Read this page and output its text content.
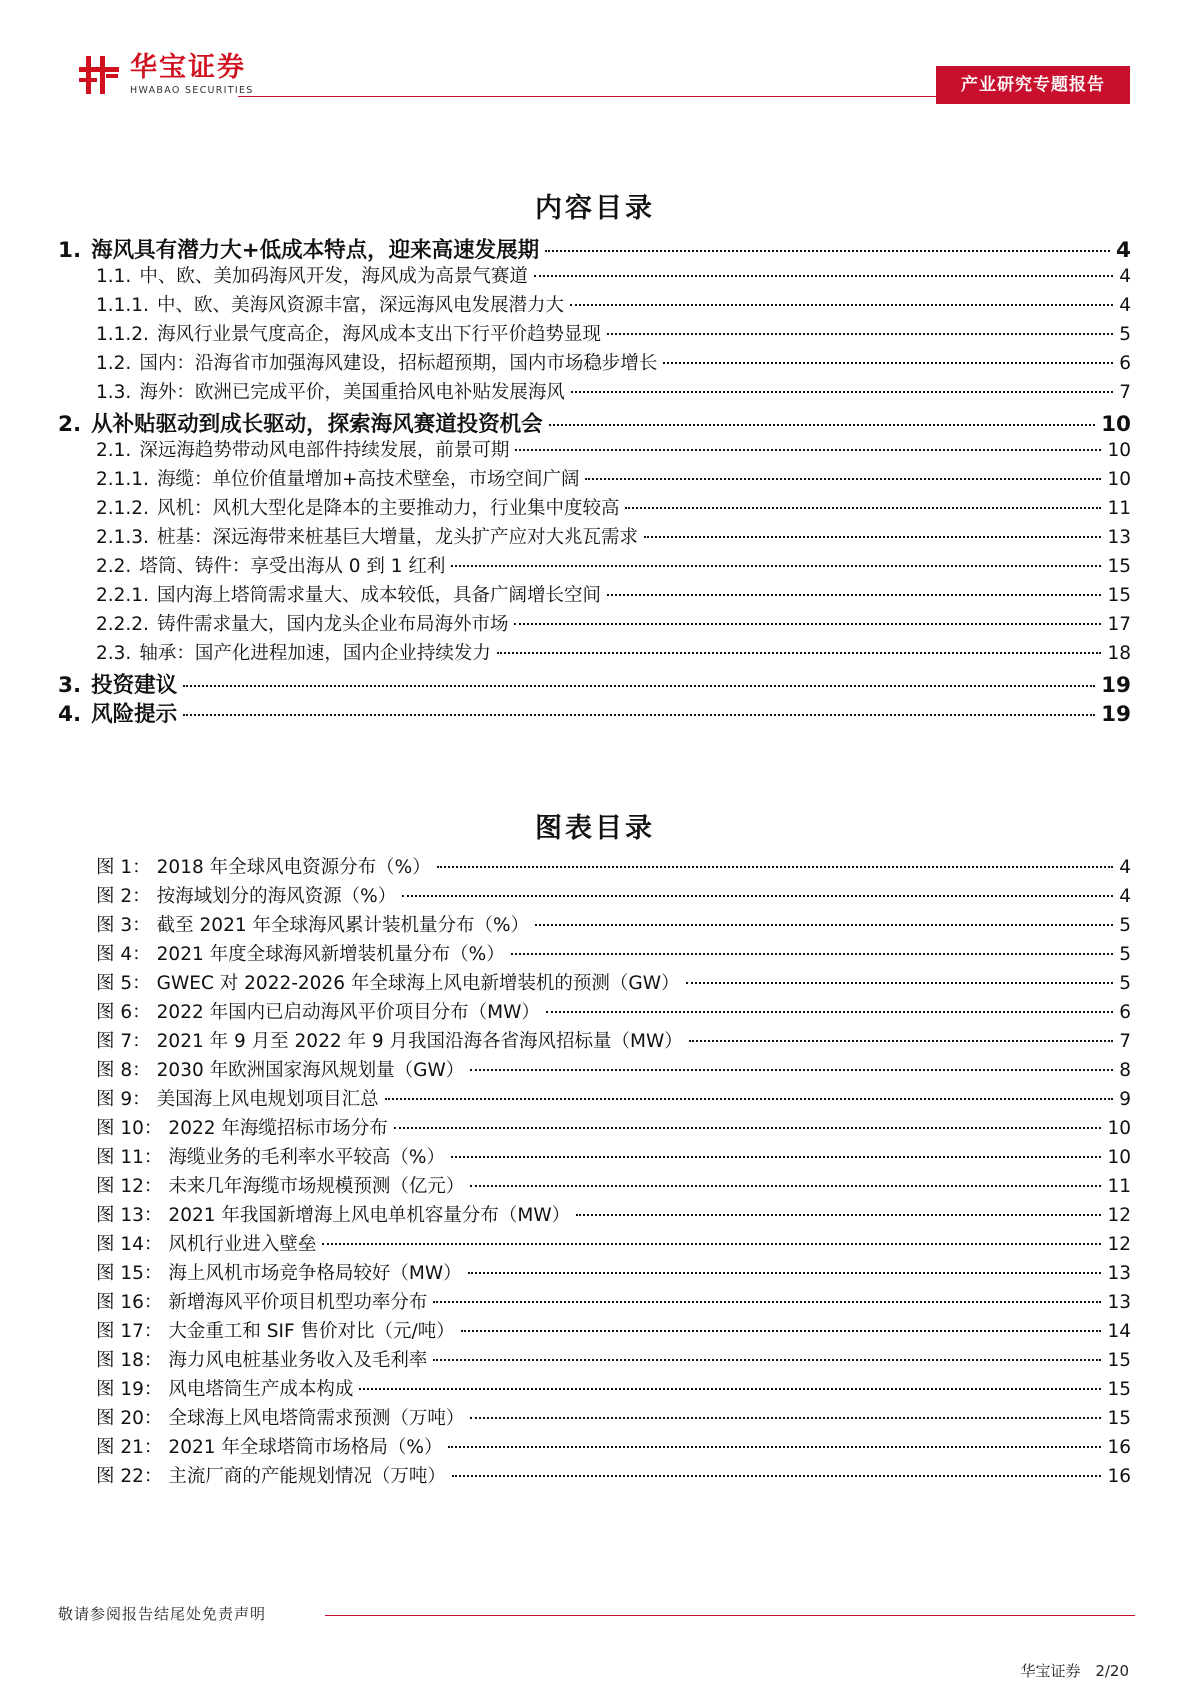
华宝证券
HWABAO SECURITIES	产业研究专题报告
内容目录
1. 海风具有潜力大+低成本特点，迎来高速发展期	4
1.1. 中、欧、美加码海风开发，海风成为高景气赛道	4
1.1.1. 中、欧、美海风资源丰富，深远海风电发展潜力大	4
1.1.2. 海风行业景气度高企，海风成本支出下行平价趋势显现	5
1.2. 国内：沿海省市加强海风建设，招标超预期，国内市场稳步增长	6
1.3. 海外：欧洲已完成平价，美国重拾风电补贴发展海风	7
2. 从补贴驱动到成长驱动，探索海风赛道投资机会	10
2.1. 深远海趋势带动风电部件持续发展，前景可期	10
2.1.1. 海缆：单位价值量增加+高技术壁垒，市场空间广阔	10
2.1.2. 风机：风机大型化是降本的主要推动力，行业集中度较高	11
2.1.3. 桩基：深远海带来桩基巨大增量，龙头扩产应对大兆瓦需求	13
2.2. 塔筒、铸件：享受出海从 0 到 1 红利	15
2.2.1. 国内海上塔筒需求量大、成本较低，具备广阔增长空间	15
2.2.2. 铸件需求量大，国内龙头企业布局海外市场	17
2.3. 轴承：国产化进程加速，国内企业持续发力	18
3. 投资建议	19
4. 风险提示	19
图表目录
图 1： 2018 年全球风电资源分布（%）	4
图 2： 按海域划分的海风资源（%）	4
图 3： 截至 2021 年全球海风累计装机量分布（%）	5
图 4： 2021 年度全球海风新增装机量分布（%）	5
图 5： GWEC 对 2022-2026 年全球海上风电新增装机的预测（GW）	5
图 6： 2022 年国内已启动海风平价项目分布（MW）	6
图 7： 2021 年 9 月至 2022 年 9 月我国沿海各省海风招标量（MW）	7
图 8： 2030 年欧洲国家海风规划量（GW）	8
图 9： 美国海上风电规划项目汇总	9
图 10： 2022 年海缆招标市场分布	10
图 11： 海缆业务的毛利率水平较高（%）	10
图 12： 未来几年海缆市场规模预测（亿元）	11
图 13： 2021 年我国新增海上风电单机容量分布（MW）	12
图 14： 风机行业进入壁垒	12
图 15： 海上风机市场竞争格局较好（MW）	13
图 16： 新增海风平价项目机型功率分布	13
图 17： 大金重工和 SIF 售价对比（元/吨）	14
图 18： 海力风电桩基业务收入及毛利率	15
图 19： 风电塔筒生产成本构成	15
图 20： 全球海上风电塔筒需求预测（万吨）	15
图 21： 2021 年全球塔筒市场格局（%）	16
图 22： 主流厂商的产能规划情况（万吨）	16
敬请参阅报告结尾处免责声明
华宝证券 2/20
